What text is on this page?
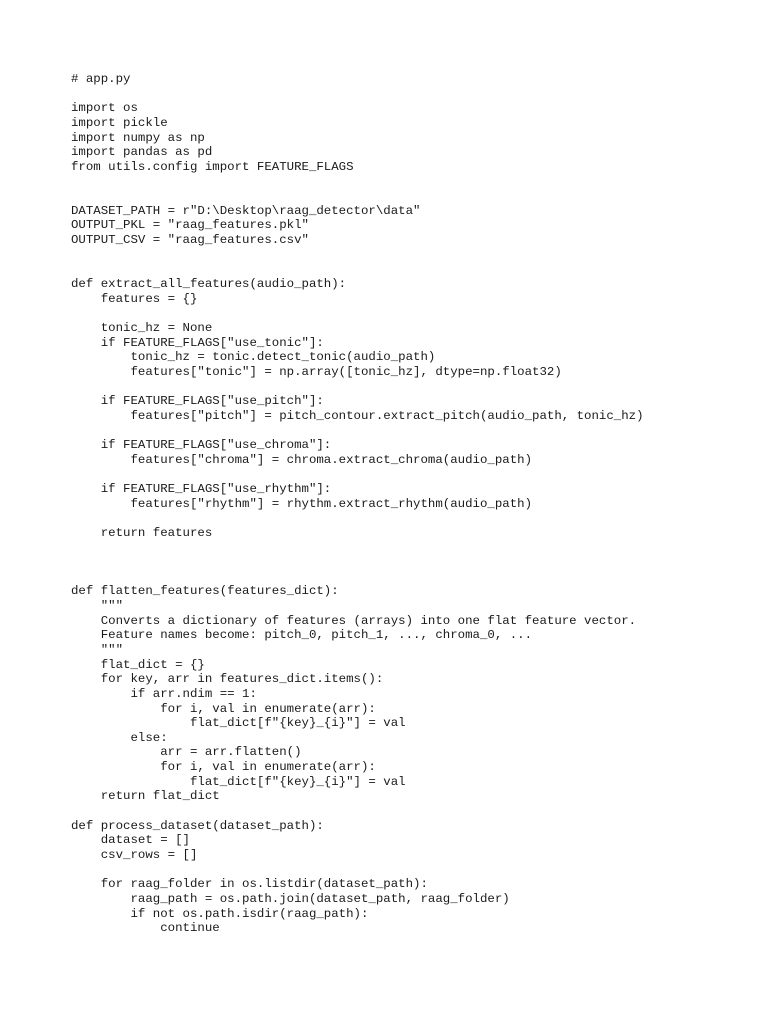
# app.py
import os
import pickle
import numpy as np
import pandas as pd
from utils.config import FEATURE_FLAGS
DATASET_PATH = r"D:\Desktop\raag_detector\data"
OUTPUT_PKL = "raag_features.pkl"
OUTPUT_CSV = "raag_features.csv"
def extract_all_features(audio_path):
features = {}
tonic_hz = None
if FEATURE_FLAGS["use_tonic"]:
tonic_hz = tonic.detect_tonic(audio_path)
features["tonic"] = np.array([tonic_hz], dtype=np.float32)
if FEATURE_FLAGS["use_pitch"]:
features["pitch"] = pitch_contour.extract_pitch(audio_path, tonic_hz)
if FEATURE_FLAGS["use_chroma"]:
features["chroma"] = chroma.extract_chroma(audio_path)
if FEATURE_FLAGS["use_rhythm"]:
features["rhythm"] = rhythm.extract_rhythm(audio_path)
return features
def flatten_features(features_dict):
"""
Converts a dictionary of features (arrays) into one flat feature vector.
Feature names become: pitch_0, pitch_1, ..., chroma_0, ...
"""
flat_dict = {}
for key, arr in features_dict.items():
if arr.ndim == 1:
for i, val in enumerate(arr):
flat_dict[f"{key}_{i}"] = val
else:
arr = arr.flatten()
for i, val in enumerate(arr):
flat_dict[f"{key}_{i}"] = val
return flat_dict
def process_dataset(dataset_path):
dataset = []
csv_rows = []
for raag_folder in os.listdir(dataset_path):
raag_path = os.path.join(dataset_path, raag_folder)
if not os.path.isdir(raag_path):
continue
